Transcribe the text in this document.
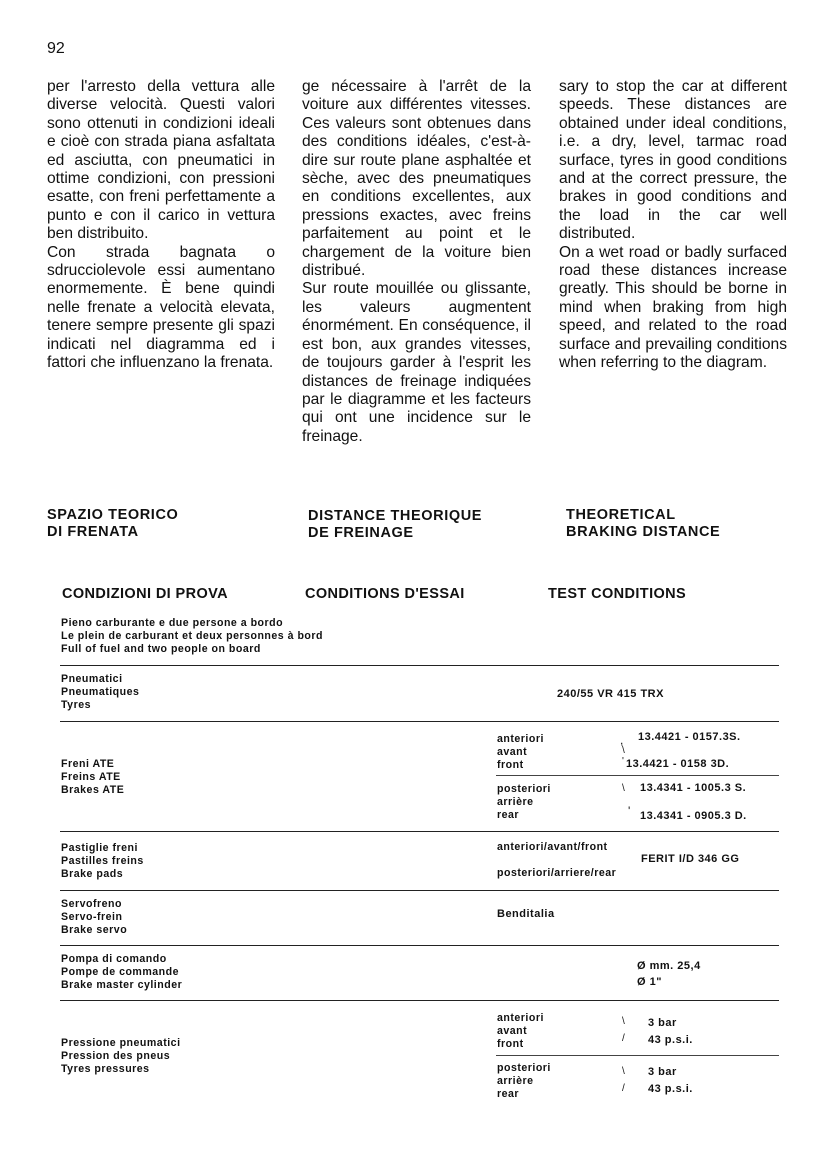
92

per l'arresto della vettura alle diverse velocità. Questi valori sono ottenuti in condizioni ideali e cioè con strada piana asfaltata ed asciutta, con pneumatici in ottime condizioni, con pressioni esatte, con freni perfettamente a punto e con il carico in vettura ben distribuito.

Con strada bagnata o sdrucciolevole essi aumentano enormemente. È bene quindi nelle frenate a velocità elevata, tenere sempre presente gli spazi indicati nel diagramma ed i fattori che influenzano la frenata.

ge nécessaire à l'arrêt de la voiture aux différentes vitesses. Ces valeurs sont obtenues dans des conditions idéales, c'est-à-dire sur route plane asphaltée et sèche, avec des pneumatiques en conditions excellentes, aux pressions exactes, avec freins parfaitement au point et le chargement de la voiture bien distribué.

Sur route mouillée ou glissante, les valeurs augmentent énormément. En conséquence, il est bon, aux grandes vitesses, de toujours garder à l'esprit les distances de freinage indiquées par le diagramme et les facteurs qui ont une incidence sur le freinage.

sary to stop the car at different speeds. These distances are obtained under ideal conditions, i.e. a dry, level, tarmac road surface, tyres in good conditions and at the correct pressure, the brakes in good conditions and the load in the car well distributed.

On a wet road or badly surfaced road these distances increase greatly. This should be borne in mind when braking from high speed, and related to the road surface and prevailing conditions when referring to the diagram.

SPAZIO TEORICO
DI FRENATA
DISTANCE THEORIQUE
DE FREINAGE
THEORETICAL
BRAKING DISTANCE
CONDIZIONI DI PROVA	CONDITIONS D'ESSAI	TEST CONDITIONS
Pieno carburante e due persone a bordo
Le plein de carburant et deux personnes à bord
Full of fuel and two people on board
Pneumatici
Pneumatiques
Tyres
240/55 VR 415 TRX
Freni ATE
Freins ATE
Brakes ATE
anteriori
avant
front
,
\
'
13.4421 - 0157.3S.
13.4421 - 0158 3D.
posteriori
arrière
rear
\
'
13.4341 - 1005.3 S.
13.4341 - 0905.3 D.
Pastiglie freni
Pastilles freins
Brake pads
anteriori/avant/front
posteriori/arriere/rear
FERIT I/D 346 GG
Servofreno
Servo-frein
Brake servo
Benditalia
Pompa di comando
Pompe de commande
Brake master cylinder
Ø mm. 25,4
Ø 1"
Pressione pneumatici
Pression des pneus
Tyres pressures
anteriori
avant
front
\
/
3 bar
43 p.s.i.
posteriori
arrière
rear
\
/
3 bar
43 p.s.i.
